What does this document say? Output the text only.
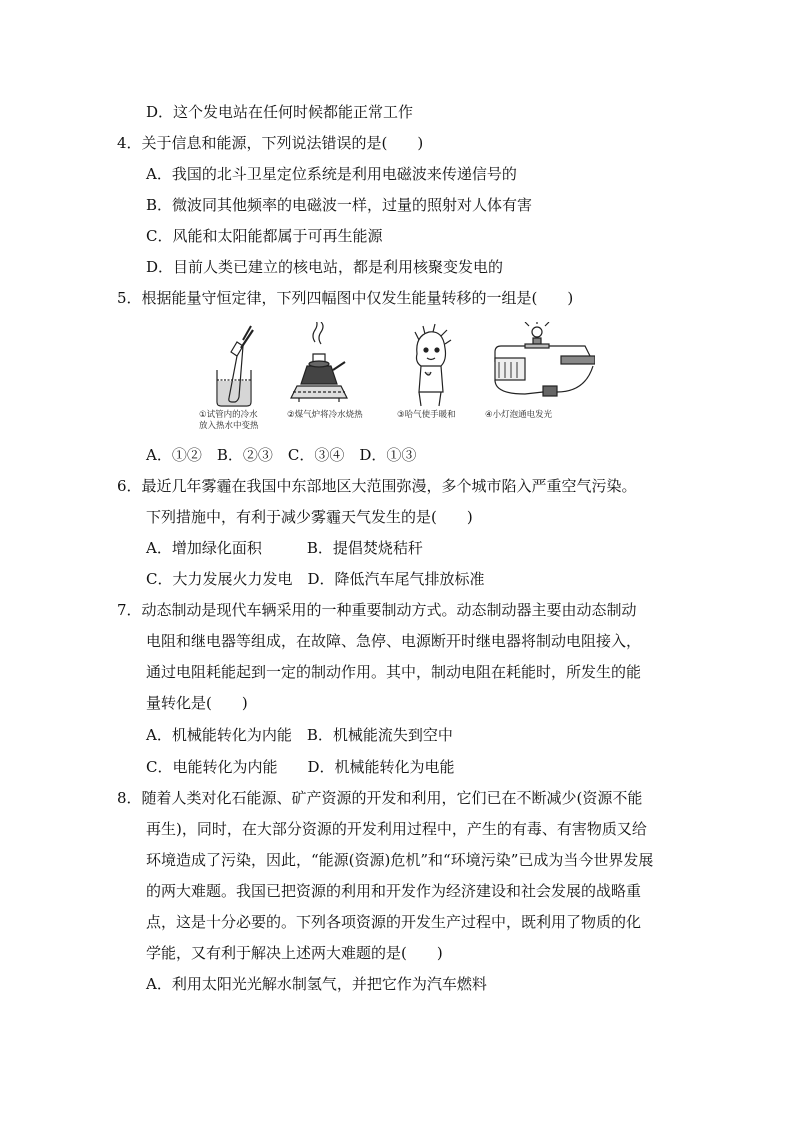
D．这个发电站在任何时候都能正常工作
4．关于信息和能源，下列说法错误的是(　　)
A．我国的北斗卫星定位系统是利用电磁波来传递信号的
B．微波同其他频率的电磁波一样，过量的照射对人体有害
C．风能和太阳能都属于可再生能源
D．目前人类已建立的核电站，都是利用核聚变发电的
5．根据能量守恒定律，下列四幅图中仅发生能量转移的一组是(　　)
①试管内的冷水
放入热水中变热
②煤气炉将冷水烧热	③哈气使手暖和	④小灯泡通电发光
A．①②　B．②③　C．③④　D．①③
6．最近几年雾霾在我国中东部地区大范围弥漫，多个城市陷入严重空气污染。
下列措施中，有利于减少雾霾天气发生的是(　　)
A．增加绿化面积　　　B．提倡焚烧秸秆
C．大力发展火力发电　D．降低汽车尾气排放标准
7．动态制动是现代车辆采用的一种重要制动方式。动态制动器主要由动态制动
电阻和继电器等组成，在故障、急停、电源断开时继电器将制动电阻接入，
通过电阻耗能起到一定的制动作用。其中，制动电阻在耗能时，所发生的能
量转化是(　　)
A．机械能转化为内能　B．机械能流失到空中
C．电能转化为内能　　D．机械能转化为电能
8．随着人类对化石能源、矿产资源的开发和利用，它们已在不断减少(资源不能
再生)，同时，在大部分资源的开发利用过程中，产生的有毒、有害物质又给
环境造成了污染，因此，“能源(资源)危机”和“环境污染”已成为当今世界发展
的两大难题。我国已把资源的利用和开发作为经济建设和社会发展的战略重
点，这是十分必要的。下列各项资源的开发生产过程中，既利用了物质的化
学能，又有利于解决上述两大难题的是(　　)
A．利用太阳光光解水制氢气，并把它作为汽车燃料
